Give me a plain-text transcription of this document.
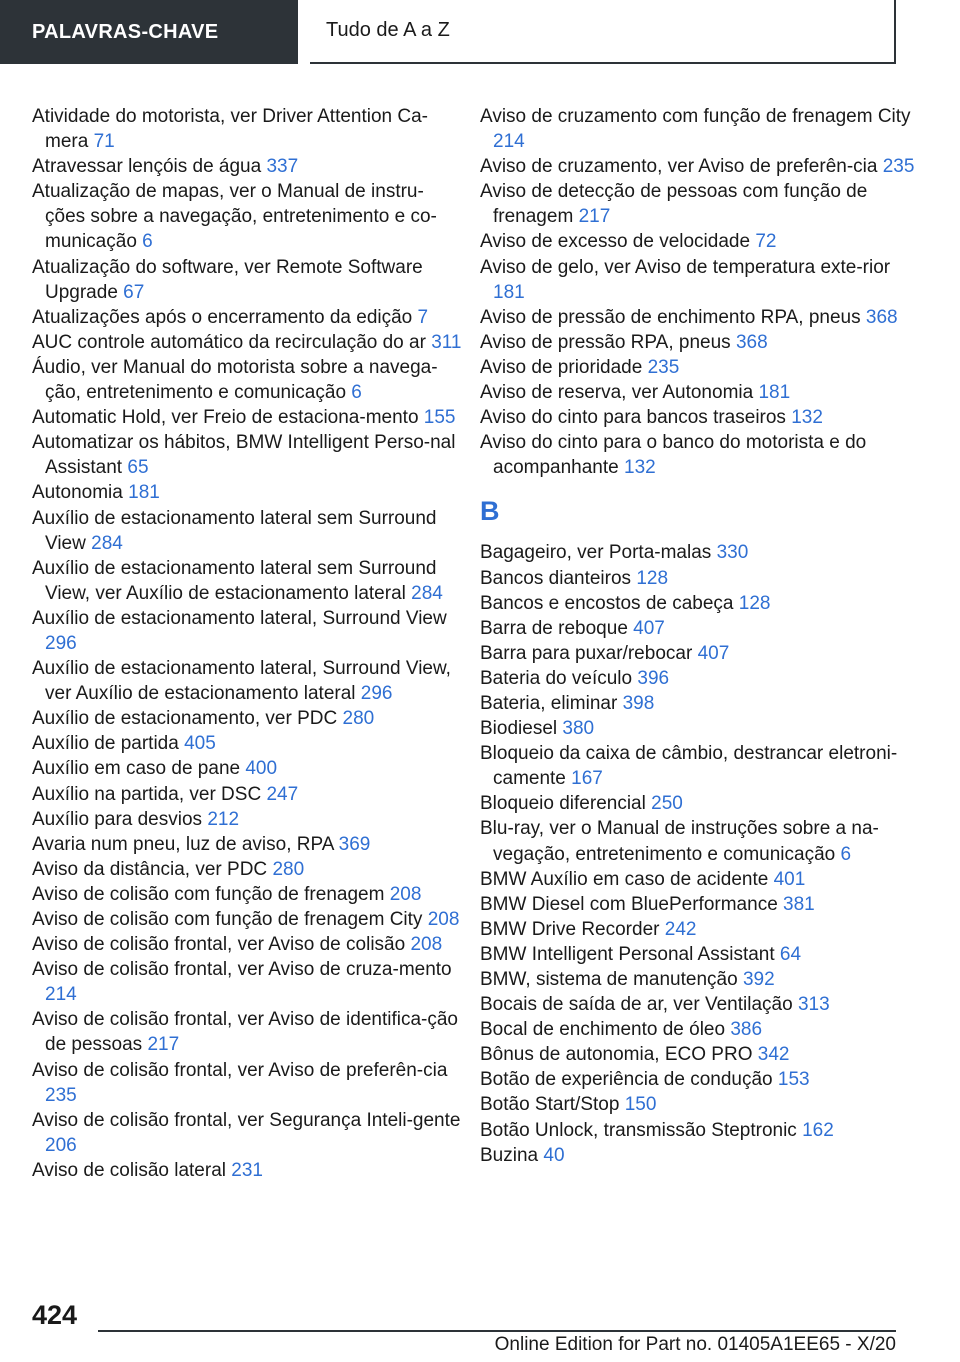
PALAVRAS-CHAVE	Tudo de A a Z
Atividade do motorista, ver Driver Attention Ca‐mera 71
Atravessar lençóis de água 337
Atualização de mapas, ver o Manual de instru‐ções sobre a navegação, entretenimento e co‐municação 6
Atualização do software, ver Remote Software Upgrade 67
Atualizações após o encerramento da edição 7
AUC controle automático da recirculação do ar 311
Áudio, ver Manual do motorista sobre a navega‐ção, entretenimento e comunicação 6
Automatic Hold, ver Freio de estaciona‐mento 155
Automatizar os hábitos, BMW Intelligent Perso‐nal Assistant 65
Autonomia 181
Auxílio de estacionamento lateral sem Surround View 284
Auxílio de estacionamento lateral sem Surround View, ver Auxílio de estacionamento lateral 284
Auxílio de estacionamento lateral, Surround View 296
Auxílio de estacionamento lateral, Surround View, ver Auxílio de estacionamento lateral 296
Auxílio de estacionamento, ver PDC 280
Auxílio de partida 405
Auxílio em caso de pane 400
Auxílio na partida, ver DSC 247
Auxílio para desvios 212
Avaria num pneu, luz de aviso, RPA 369
Aviso da distância, ver PDC 280
Aviso de colisão com função de frenagem 208
Aviso de colisão com função de frenagem City 208
Aviso de colisão frontal, ver Aviso de colisão 208
Aviso de colisão frontal, ver Aviso de cruza‐mento 214
Aviso de colisão frontal, ver Aviso de identifica‐ção de pessoas 217
Aviso de colisão frontal, ver Aviso de preferên‐cia 235
Aviso de colisão frontal, ver Segurança Inteli‐gente 206
Aviso de colisão lateral 231
Aviso de cruzamento com função de frenagem City 214
Aviso de cruzamento, ver Aviso de preferên‐cia 235
Aviso de detecção de pessoas com função de frenagem 217
Aviso de excesso de velocidade 72
Aviso de gelo, ver Aviso de temperatura exte‐rior 181
Aviso de pressão de enchimento RPA, pneus 368
Aviso de pressão RPA, pneus 368
Aviso de prioridade 235
Aviso de reserva, ver Autonomia 181
Aviso do cinto para bancos traseiros 132
Aviso do cinto para o banco do motorista e do acompanhante 132
B
Bagageiro, ver Porta-malas 330
Bancos dianteiros 128
Bancos e encostos de cabeça 128
Barra de reboque 407
Barra para puxar/rebocar 407
Bateria do veículo 396
Bateria, eliminar 398
Biodiesel 380
Bloqueio da caixa de câmbio, destrancar eletroni‐camente 167
Bloqueio diferencial 250
Blu-ray, ver o Manual de instruções sobre a na‐vegação, entretenimento e comunicação 6
BMW Auxílio em caso de acidente 401
BMW Diesel com BluePerformance 381
BMW Drive Recorder 242
BMW Intelligent Personal Assistant 64
BMW, sistema de manutenção 392
Bocais de saída de ar, ver Ventilação 313
Bocal de enchimento de óleo 386
Bônus de autonomia, ECO PRO 342
Botão de experiência de condução 153
Botão Start/Stop 150
Botão Unlock, transmissão Steptronic 162
Buzina 40
424
Online Edition for Part no. 01405A1EE65 - X/20
